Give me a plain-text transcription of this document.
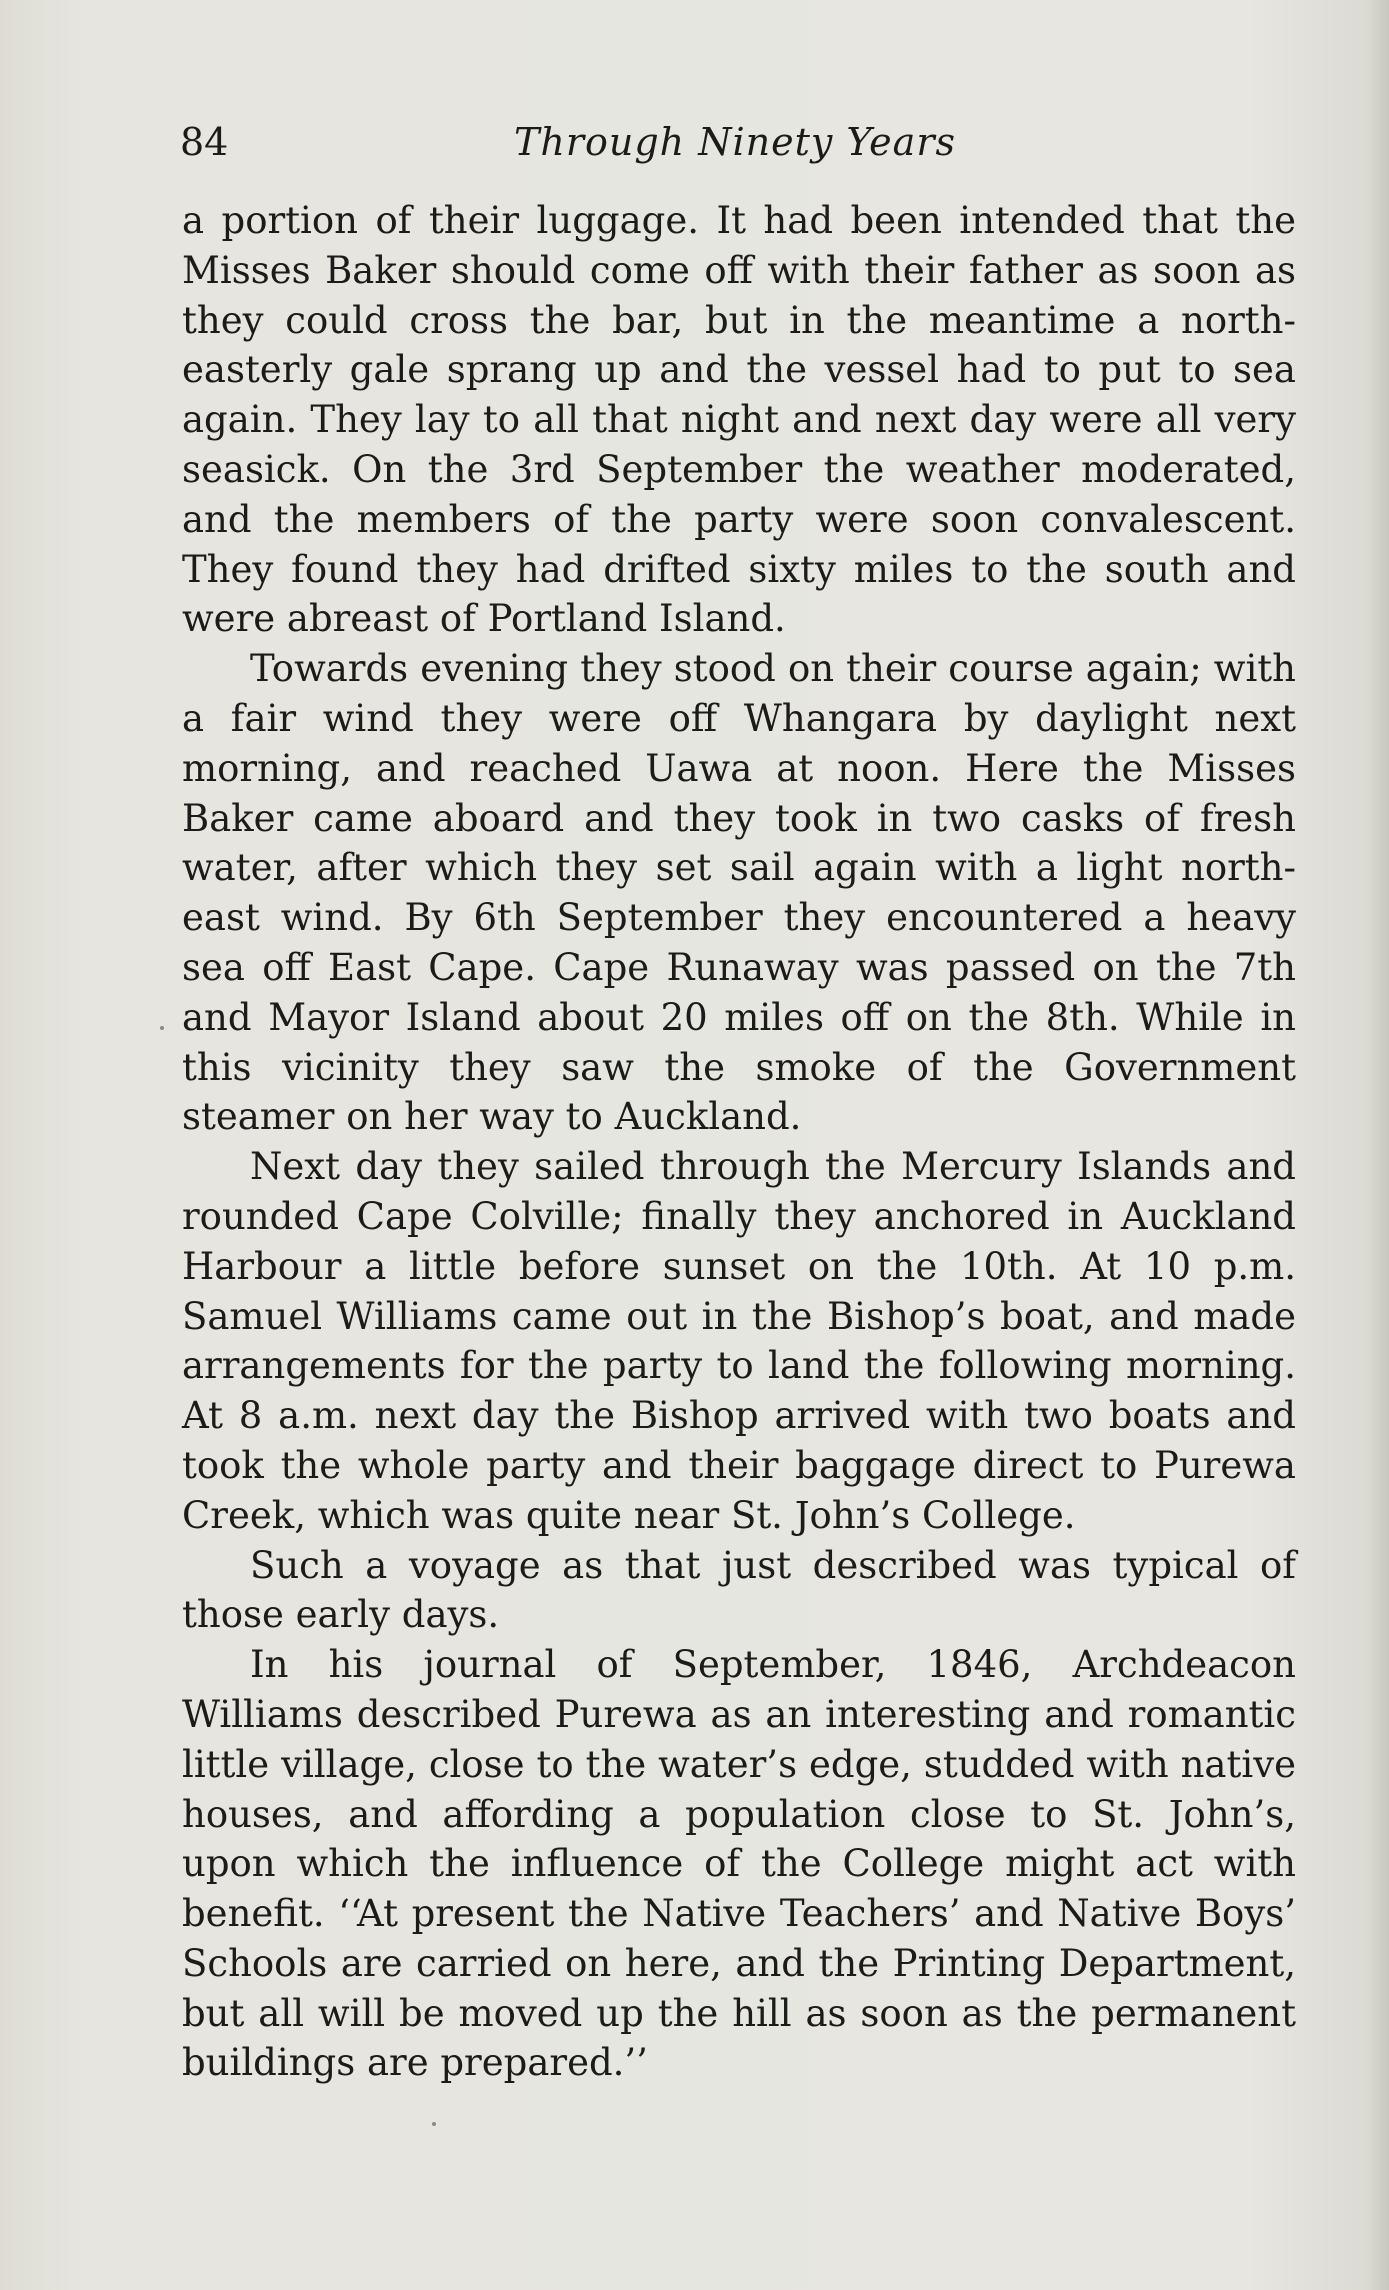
84	Through Ninety Years

a portion of their luggage. It had been intended that the Misses Baker should come off with their father as soon as they could cross the bar, but in the meantime a north-easterly gale sprang up and the vessel had to put to sea again. They lay to all that night and next day were all very seasick. On the 3rd September the weather moderated, and the members of the party were soon convalescent. They found they had drifted sixty miles to the south and were abreast of Portland Island.

Towards evening they stood on their course again; with a fair wind they were off Whangara by daylight next morning, and reached Uawa at noon. Here the Misses Baker came aboard and they took in two casks of fresh water, after which they set sail again with a light north-east wind. By 6th September they encountered a heavy sea off East Cape. Cape Runaway was passed on the 7th and Mayor Island about 20 miles off on the 8th. While in this vicinity they saw the smoke of the Government steamer on her way to Auckland.

Next day they sailed through the Mercury Islands and rounded Cape Colville; finally they anchored in Auckland Harbour a little before sunset on the 10th. At 10 p.m. Samuel Williams came out in the Bishop’s boat, and made arrangements for the party to land the following morning. At 8 a.m. next day the Bishop arrived with two boats and took the whole party and their baggage direct to Purewa Creek, which was quite near St. John’s College.

Such a voyage as that just described was typical of those early days.

In his journal of September, 1846, Archdeacon Williams described Purewa as an interesting and romantic little village, close to the water’s edge, studded with native houses, and affording a population close to St. John’s, upon which the influence of the College might act with benefit. ‘‘At present the Native Teachers’ and Native Boys’ Schools are carried on here, and the Printing Department, but all will be moved up the hill as soon as the permanent buildings are prepared.’’
